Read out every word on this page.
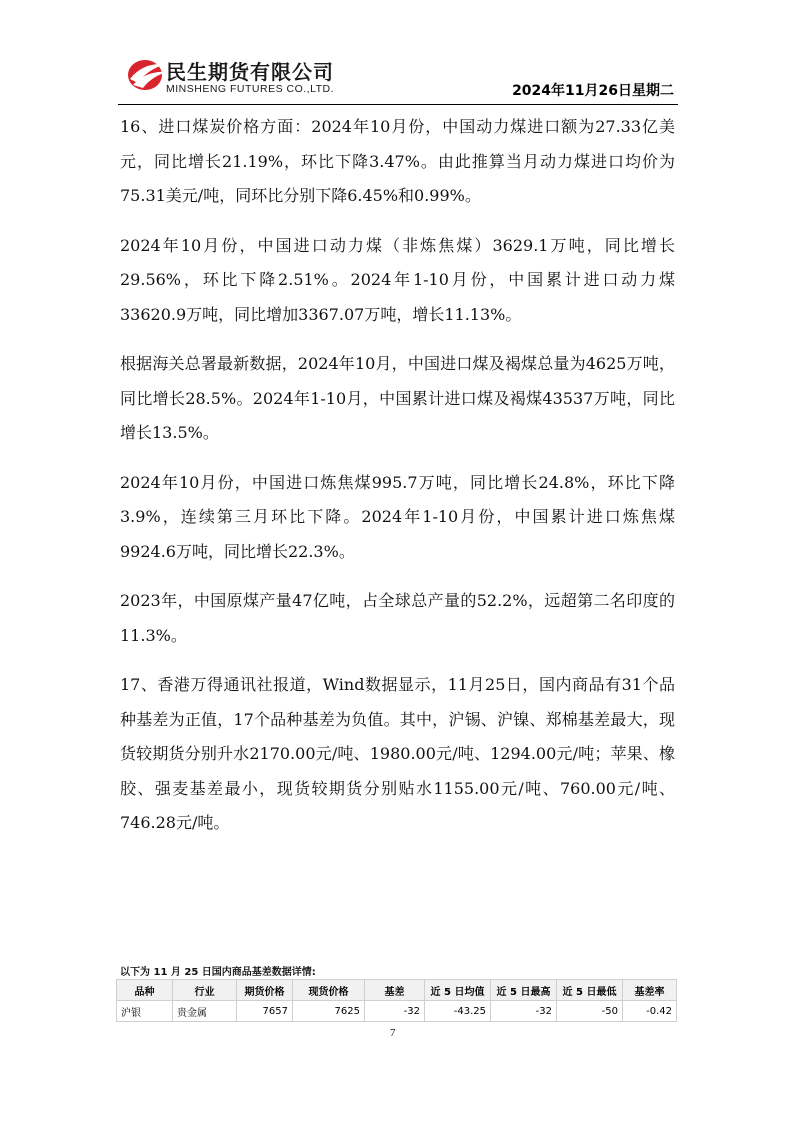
民生期货有限公司
MINSHENG FUTURES CO.,LTD.	2024年11月26日星期二

16、进口煤炭价格方面：2024年10月份，中国动力煤进口额为27.33亿美元，同比增长21.19%，环比下降3.47%。由此推算当月动力煤进口均价为75.31美元/吨，同环比分别下降6.45%和0.99%。

2024年10月份，中国进口动力煤（非炼焦煤）3629.1万吨，同比增长29.56%，环比下降2.51%。2024年1-10月份，中国累计进口动力煤33620.9万吨，同比增加3367.07万吨，增长11.13%。

根据海关总署最新数据，2024年10月，中国进口煤及褐煤总量为4625万吨，同比增长28.5%。2024年1-10月，中国累计进口煤及褐煤43537万吨，同比增长13.5%。

2024年10月份，中国进口炼焦煤995.7万吨，同比增长24.8%，环比下降3.9%，连续第三月环比下降。2024年1-10月份，中国累计进口炼焦煤9924.6万吨，同比增长22.3%。

2023年，中国原煤产量47亿吨，占全球总产量的52.2%，远超第二名印度的11.3%。

17、香港万得通讯社报道，Wind数据显示，11月25日，国内商品有31个品种基差为正值，17个品种基差为负值。其中，沪锡、沪镍、郑棉基差最大，现货较期货分别升水2170.00元/吨、1980.00元/吨、1294.00元/吨；苹果、橡胶、强麦基差最小，现货较期货分别贴水1155.00元/吨、760.00元/吨、746.28元/吨。

以下为 11 月 25 日国内商品基差数据详情:
品种	行业	期货价格	现货价格	基差	近 5 日均值	近 5 日最高	近 5 日最低	基差率
沪银	贵金属	7657	7625	-32	-43.25	-32	-50	-0.42
7
